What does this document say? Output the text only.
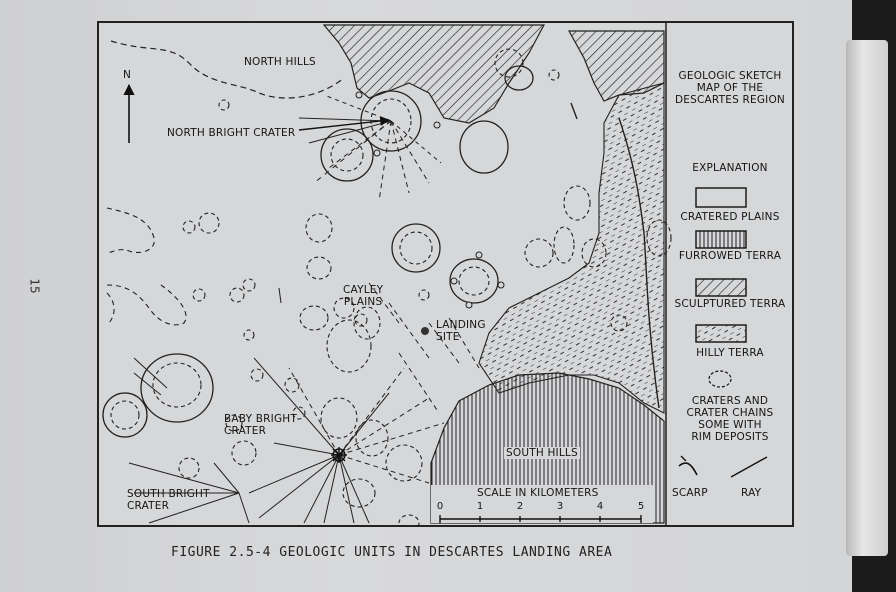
15
NORTH HILLS
N
NORTH BRIGHT CRATER
CAYLEY
PLAINS
LANDING
SITE
BABY BRIGHT
CRATER
SOUTH BRIGHT
CRATER
SOUTH HILLS
SCALE IN KILOMETERS
0	1	2	3	4	5
GEOLOGIC SKETCH
MAP OF THE
DESCARTES REGION
EXPLANATION
CRATERED PLAINS
FURROWED TERRA
SCULPTURED TERRA
HILLY TERRA
CRATERS AND
CRATER CHAINS
SOME WITH
RIM DEPOSITS
SCARP	RAY
FIGURE 2.5-4 GEOLOGIC UNITS IN DESCARTES LANDING AREA
